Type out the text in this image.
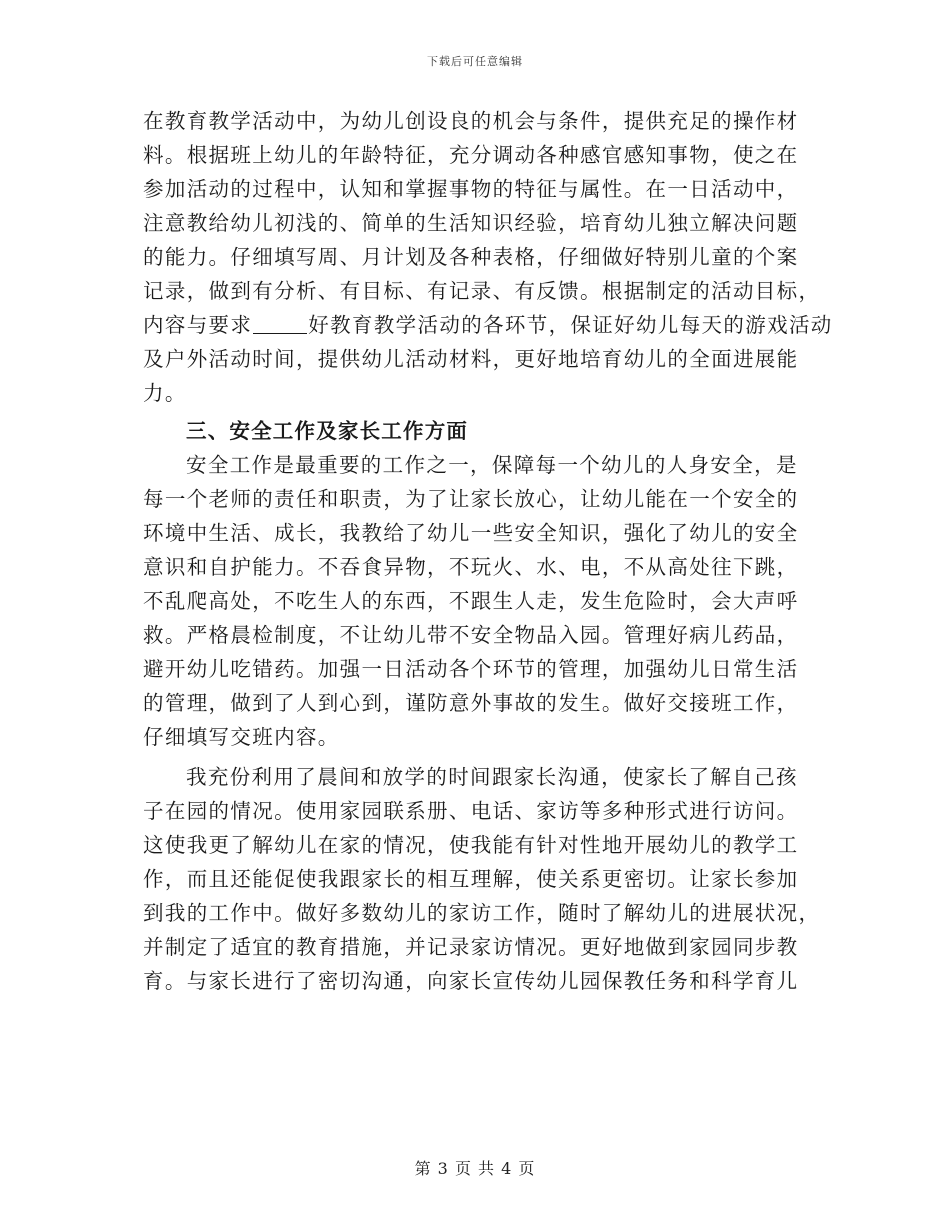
下载后可任意编辑
在教育教学活动中，为幼儿创设良的机会与条件，提供充足的操作材
料。根据班上幼儿的年龄特征，充分调动各种感官感知事物，使之在
参加活动的过程中，认知和掌握事物的特征与属性。在一日活动中，
注意教给幼儿初浅的、简单的生活知识经验，培育幼儿独立解决问题
的能力。仔细填写周、月计划及各种表格，仔细做好特别儿童的个案
记录，做到有分析、有目标、有记录、有反馈。根据制定的活动目标，
内容与要求	好教育教学活动的各环节，保证好幼儿每天的游戏活动
及户外活动时间，提供幼儿活动材料，更好地培育幼儿的全面进展能
力。
三、安全工作及家长工作方面
安全工作是最重要的工作之一，保障每一个幼儿的人身安全，是
每一个老师的责任和职责，为了让家长放心，让幼儿能在一个安全的
环境中生活、成长，我教给了幼儿一些安全知识，强化了幼儿的安全
意识和自护能力。不吞食异物，不玩火、水、电，不从高处往下跳，
不乱爬高处，不吃生人的东西，不跟生人走，发生危险时，会大声呼
救。严格晨检制度，不让幼儿带不安全物品入园。管理好病儿药品，
避开幼儿吃错药。加强一日活动各个环节的管理，加强幼儿日常生活
的管理，做到了人到心到，谨防意外事故的发生。做好交接班工作，
仔细填写交班内容。
我充份利用了晨间和放学的时间跟家长沟通，使家长了解自己孩
子在园的情况。使用家园联系册、电话、家访等多种形式进行访问。
这使我更了解幼儿在家的情况，使我能有针对性地开展幼儿的教学工
作，而且还能促使我跟家长的相互理解，使关系更密切。让家长参加
到我的工作中。做好多数幼儿的家访工作，随时了解幼儿的进展状况，
并制定了适宜的教育措施，并记录家访情况。更好地做到家园同步教
育。与家长进行了密切沟通，向家长宣传幼儿园保教任务和科学育儿
第 3 页 共 4 页
